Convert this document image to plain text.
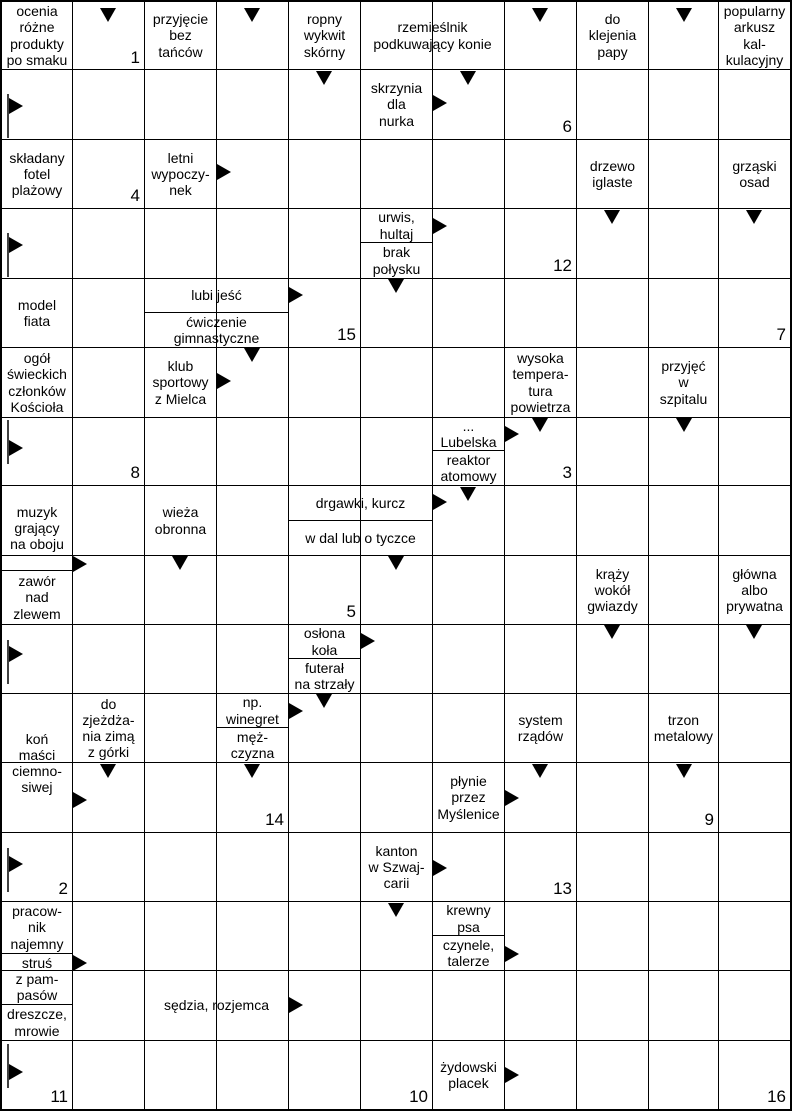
ocenia
różne
produkty
po smaku
przyjęcie
bez
tańców
ropny
wykwit
skórny
rzemieślnik
podkuwający konie
do
klejenia
papy
popularny
arkusz
kal-
kulacyjny
skrzynia
dla
nurka
składany
fotel
plażowy
letni
wypoczy-
nek
drzewo
iglaste
grząski
osad
urwis,
hultaj
brak
połysku
model
fiata
lubi jeść
ćwiczenie
gimnastyczne
ogół
świeckich
członków
Kościoła
klub
sportowy
z Mielca
wysoka
tempera-
tura
powietrza
przyjęć
w
szpitalu
...
Lubelska
reaktor
atomowy
muzyk
grający
na oboju
wieża
obronna
drgawki, kurcz
w dal lub o tyczce
zawór
nad
zlewem
krąży
wokół
gwiazdy
główna
albo
prywatna
osłona
koła
futerał
na strzały
do
zjeżdża-
nia zimą
z górki
np.
winegret
męż-
czyzna
system
rządów
trzon
metalowy
koń
maści
ciemno-
siwej	płynie
przez
Myślenice
kanton
w Szwaj-
carii
pracow-
nik
najemny
krewny
psa
czynele,
talerze
struś
z pam-
pasów
sędzia, rozjemca
dreszcze,
mrowie
żydowski
placek
1
6
4
12
15	7
8	3
5
14	9
2	13
11	10	16
